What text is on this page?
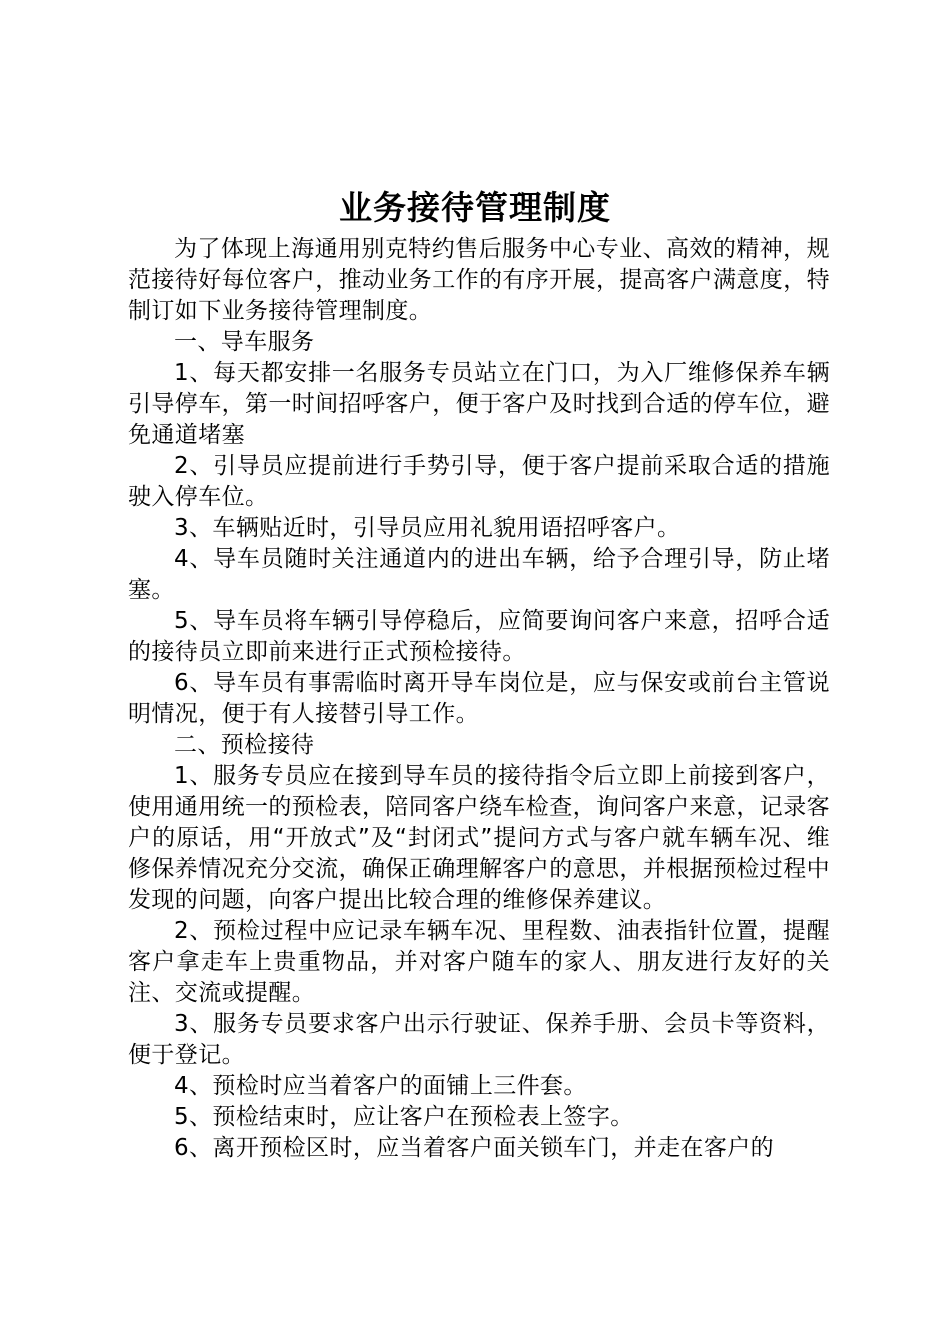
业务接待管理制度

为了体现上海通用别克特约售后服务中心专业、高效的精神，规范接待好每位客户，推动业务工作的有序开展，提高客户满意度，特制订如下业务接待管理制度。

一、导车服务

1、每天都安排一名服务专员站立在门口，为入厂维修保养车辆引导停车，第一时间招呼客户，便于客户及时找到合适的停车位，避免通道堵塞

2、引导员应提前进行手势引导，便于客户提前采取合适的措施驶入停车位。

3、车辆贴近时，引导员应用礼貌用语招呼客户。

4、导车员随时关注通道内的进出车辆，给予合理引导，防止堵塞。

5、导车员将车辆引导停稳后，应简要询问客户来意，招呼合适的接待员立即前来进行正式预检接待。

6、导车员有事需临时离开导车岗位是，应与保安或前台主管说明情况，便于有人接替引导工作。

二、预检接待

1、服务专员应在接到导车员的接待指令后立即上前接到客户，使用通用统一的预检表，陪同客户绕车检查，询问客户来意，记录客户的原话，用“开放式”及“封闭式”提问方式与客户就车辆车况、维修保养情况充分交流，确保正确理解客户的意思，并根据预检过程中发现的问题，向客户提出比较合理的维修保养建议。

2、预检过程中应记录车辆车况、里程数、油表指针位置，提醒客户拿走车上贵重物品，并对客户随车的家人、朋友进行友好的关注、交流或提醒。

3、服务专员要求客户出示行驶证、保养手册、会员卡等资料，便于登记。

4、预检时应当着客户的面铺上三件套。

5、预检结束时，应让客户在预检表上签字。

6、离开预检区时，应当着客户面关锁车门，并走在客户的
